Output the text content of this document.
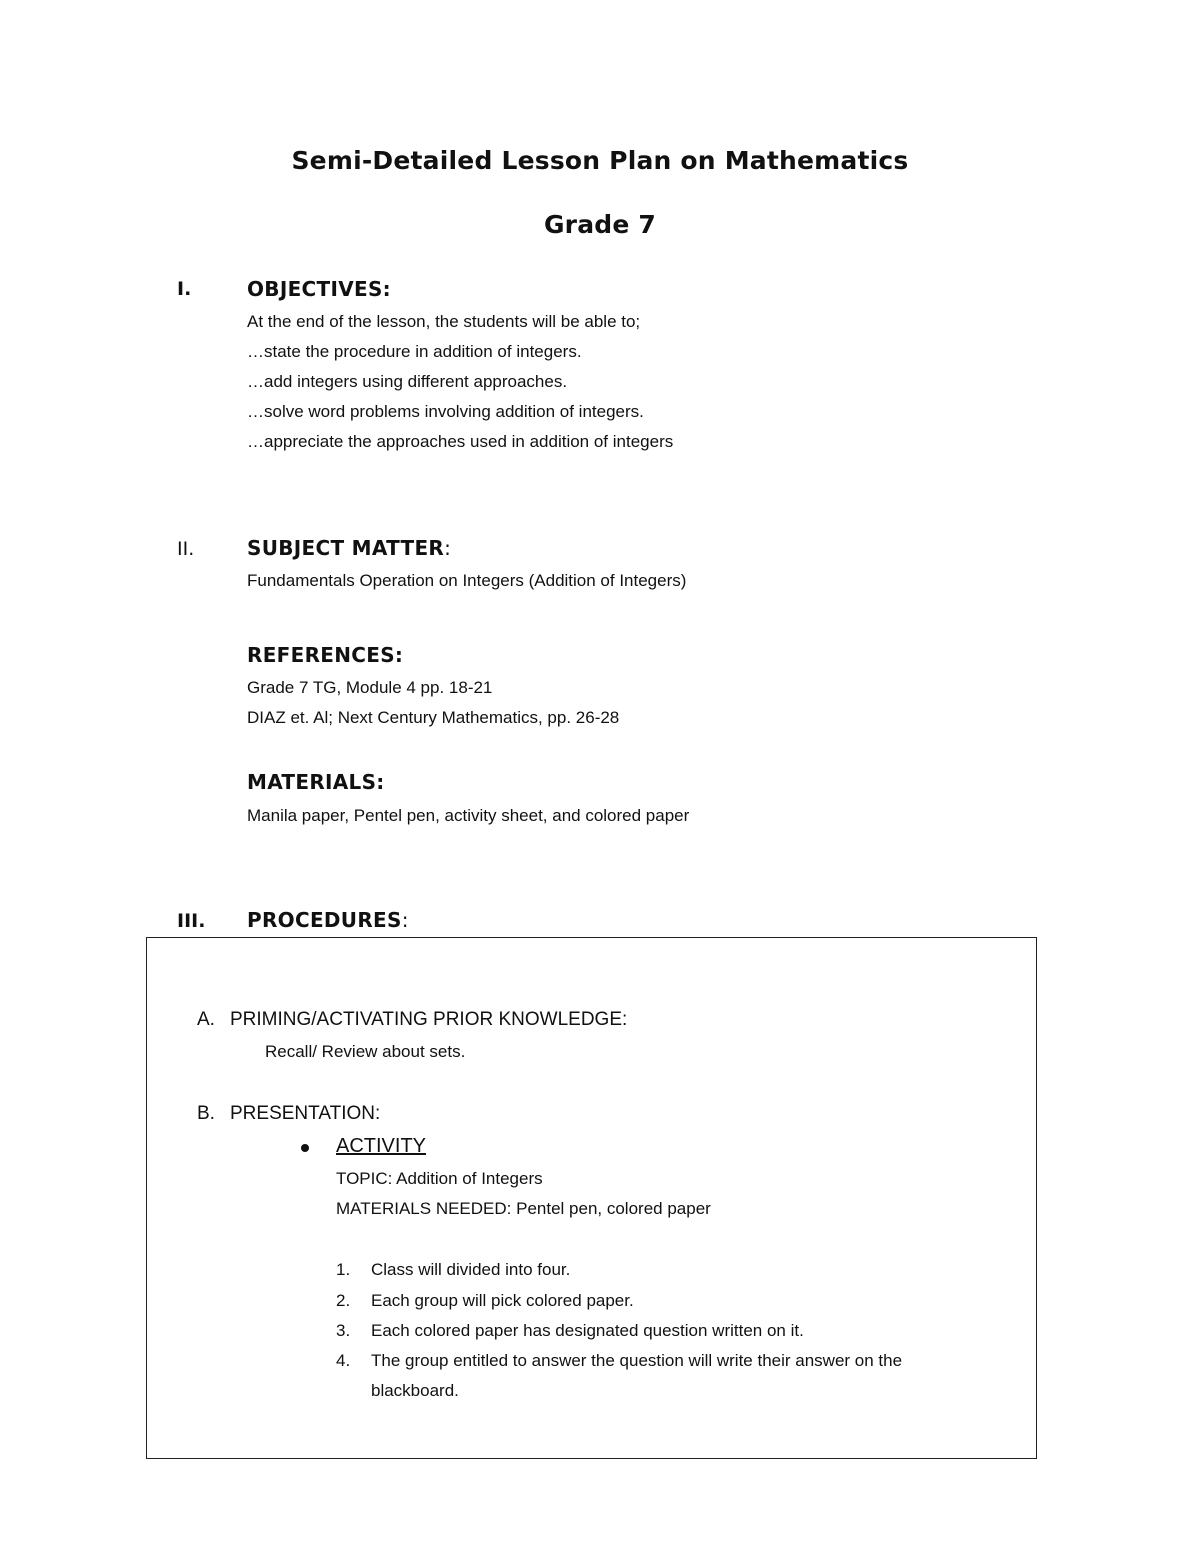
Semi-Detailed Lesson Plan on Mathematics
Grade 7
I.	OBJECTIVES:
At the end of the lesson, the students will be able to;
…state the procedure in addition of integers.
…add integers using different approaches.
…solve word problems involving addition of integers.
…appreciate the approaches used in addition of integers
II.	SUBJECT MATTER:
Fundamentals Operation on Integers (Addition of Integers)
REFERENCES:
Grade 7 TG, Module 4 pp. 18-21
DIAZ et. Al; Next Century Mathematics, pp. 26-28
MATERIALS:
Manila paper, Pentel pen, activity sheet, and colored paper
III. PROCEDURES:
A. PRIMING/ACTIVATING PRIOR KNOWLEDGE:
Recall/ Review about sets.
B. PRESENTATION:
ACTIVITY
TOPIC: Addition of Integers
MATERIALS NEEDED: Pentel pen, colored paper
1. Class will divided into four.
2. Each group will pick colored paper.
3. Each colored paper has designated question written on it.
4. The group entitled to answer the question will write their answer on the
blackboard.
